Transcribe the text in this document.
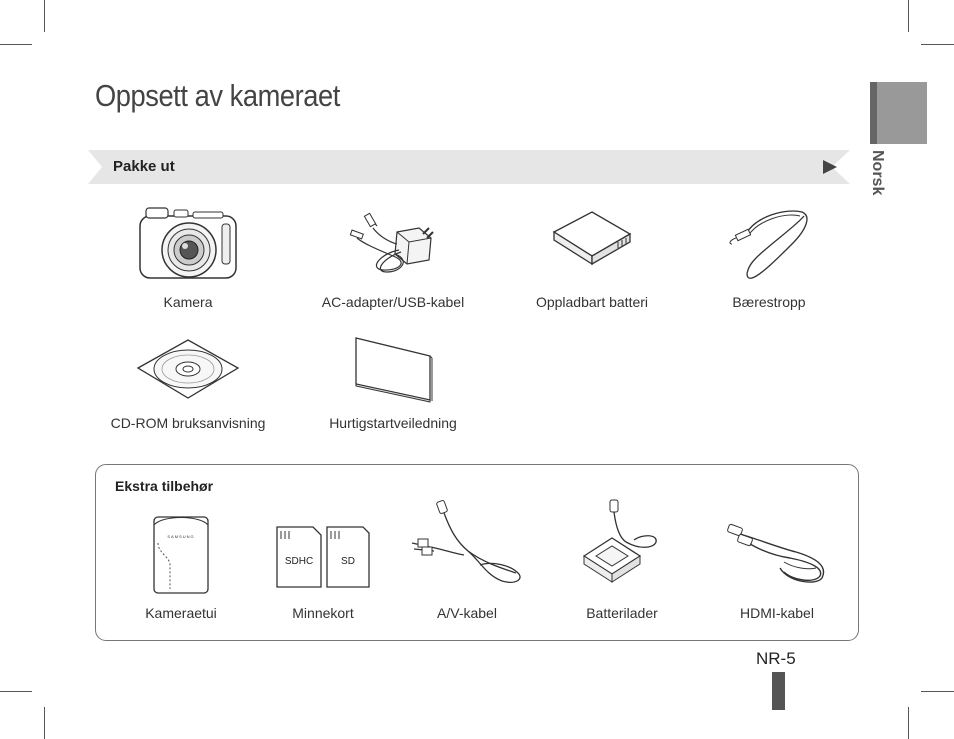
Oppsett av kameraet
Norsk
Pakke ut
Kamera	AC-adapter/USB-kabel	Oppladbart batteri	Bærestropp
CD-ROM bruksanvisning	Hurtigstartveiledning
Ekstra tilbehør
SAMSUNG
Kameraetui
SDHC	SD
Minnekort	A/V-kabel	Batterilader	HDMI-kabel
NR-5
